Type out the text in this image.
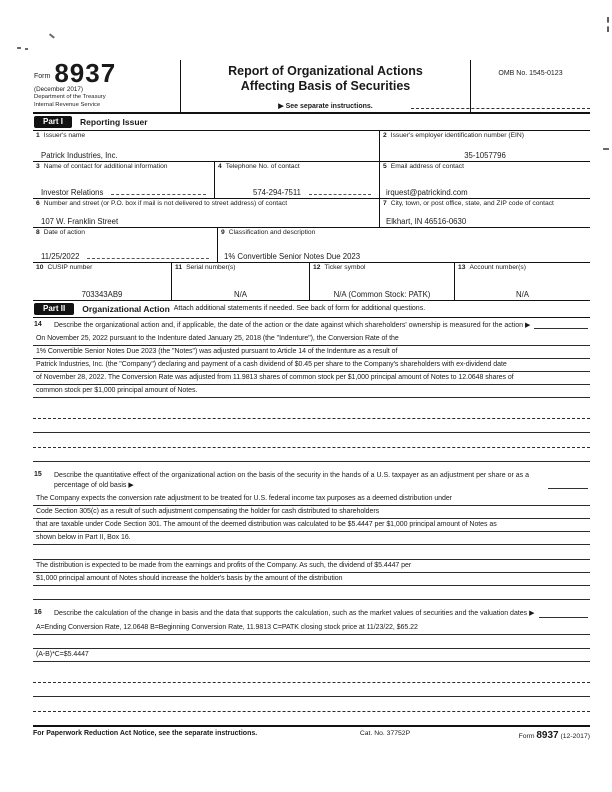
Form 8937
(December 2017)
Department of the Treasury
Internal Revenue Service
Report of Organizational Actions
Affecting Basis of Securities
▶ See separate instructions.
OMB No. 1545-0123
Part I	Reporting Issuer
1 Issuer's name
Patrick Industries, Inc.
2 Issuer's employer identification number (EIN)
35-1057796
3 Name of contact for additional information
Investor Relations
4 Telephone No. of contact
574-294-7511
5 Email address of contact
irquest@patrickind.com
6 Number and street (or P.O. box if mail is not delivered to street address) of contact
107 W. Franklin Street
7 City, town, or post office, state, and ZIP code of contact
Elkhart, IN 46516-0630
8 Date of action
11/25/2022
9 Classification and description
1% Convertible Senior Notes Due 2023
10 CUSIP number
703343AB9
11 Serial number(s)
N/A
12 Ticker symbol
N/A (Common Stock: PATK)
13 Account number(s)
N/A
Part II	Organizational Action Attach additional statements if needed. See back of form for additional questions.
14	Describe the organizational action and, if applicable, the date of the action or the date against which shareholders' ownership is measured for the action ▶
On November 25, 2022 pursuant to the Indenture dated January 25, 2018 (the "Indenture"), the Conversion Rate of the
1% Convertible Senior Notes Due 2023 (the "Notes") was adjusted pursuant to Article 14 of the Indenture as a result of
Patrick Industries, Inc. (the "Company") declaring and payment of a cash dividend of $0.45 per share to the Company's shareholders with ex-dividend date
of November 28, 2022. The Conversion Rate was adjusted from 11.9813 shares of common stock per $1,000 principal amount of Notes to 12.0648 shares of
common stock per $1,000 principal amount of Notes.
15	Describe the quantitative effect of the organizational action on the basis of the security in the hands of a U.S. taxpayer as an adjustment per share or as a percentage of old basis ▶
The Company expects the conversion rate adjustment to be treated for U.S. federal income tax purposes as a deemed distribution under
Code Section 305(c) as a result of such adjustment compensating the holder for cash distributed to shareholders
that are taxable under Code Section 301. The amount of the deemed distribution was calculated to be $5.4447 per $1,000 principal amount of Notes as
shown below in Part II, Box 16.
The distribution is expected to be made from the earnings and profits of the Company. As such, the dividend of $5.4447 per
$1,000 principal amount of Notes should increase the holder's basis by the amount of the distribution
16	Describe the calculation of the change in basis and the data that supports the calculation, such as the market values of securities and the valuation dates ▶
A=Ending Conversion Rate, 12.0648 B=Beginning Conversion Rate, 11.9813 C=PATK closing stock price at 11/23/22, $65.22
(A-B)*C=$5.4447
For Paperwork Reduction Act Notice, see the separate instructions.	Cat. No. 37752P	Form 8937 (12-2017)
